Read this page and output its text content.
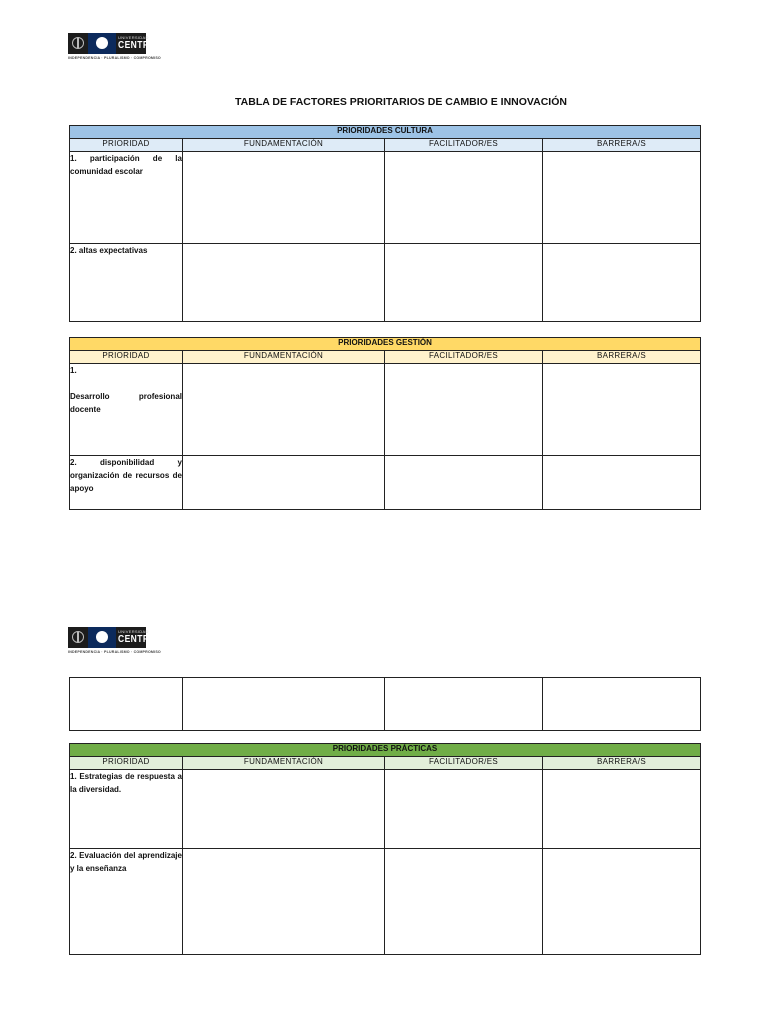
UNIVERSIDAD
CENTRAL
INDEPENDENCIA · PLURALISMO · COMPROMISO
TABLA DE FACTORES PRIORITARIOS DE CAMBIO E INNOVACIÓN
PRIORIDADES CULTURA			
PRIORIDAD	FUNDAMENTACIÓN	FACILITADOR/ES	BARRERA/S
1. participación de la comunidad escolar			
2. altas expectativas			
PRIORIDADES GESTIÓN			
PRIORIDAD	FUNDAMENTACIÓN	FACILITADOR/ES	BARRERA/S

1.
Desarrollo profesional docente			

2. disponibilidad y organización de recursos de apoyo			
UNIVERSIDAD
CENTRAL
INDEPENDENCIA · PLURALISMO · COMPROMISO

PRIORIDADES PRÁCTICAS			
PRIORIDAD	FUNDAMENTACIÓN	FACILITADOR/ES	BARRERA/S
1. Estrategias de respuesta a la diversidad.			
2. Evaluación del aprendizaje y la enseñanza			
